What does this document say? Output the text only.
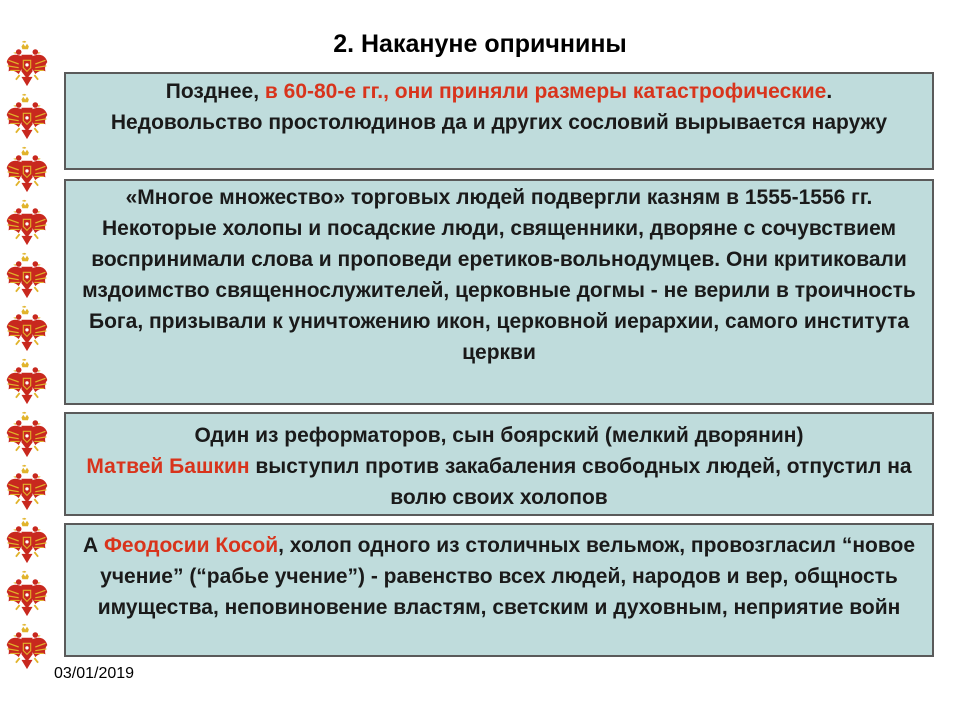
2. Накануне опричнины

Позднее, в 60-80-е гг., они приняли размеры катастрофические.

Недовольство простолюдинов да и других сословий вырывается наружу

«Многое множество» торговых людей подвергли казням в 1555-1556 гг. Некоторые холопы и посадские люди, священники, дворяне с сочувствием воспринимали слова и проповеди еретиков-вольнодумцев. Они критиковали мздоимство священнослужителей, церковные догмы - не верили в троичность Бога, призывали к уничтожению икон, церковной иерархии, самого института церкви

Один из реформаторов, сын боярский (мелкий дворянин)
Матвей Башкин выступил против закабаления свободных людей, отпустил на волю своих холопов

А Феодосии Косой, холоп одного из столичных вельмож, провозгласил “новое учение” (“рабье учение”) - равенство всех людей, народов и вер, общность имущества, неповиновение властям, светским и духовным, неприятие войн

03/01/2019
